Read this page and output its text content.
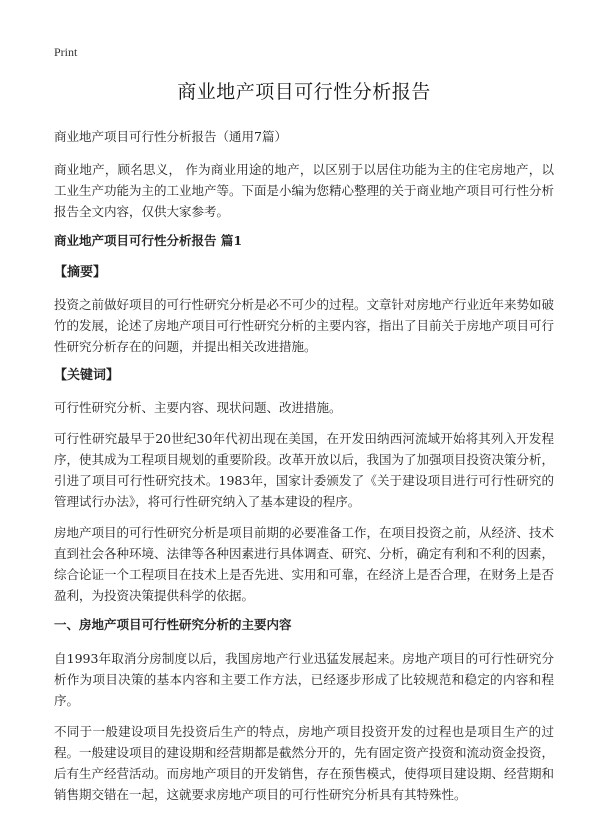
Print
商业地产项目可行性分析报告

商业地产项目可行性分析报告（通用7篇）

商业地产，顾名思义， 作为商业用途的地产，以区别于以居住功能为主的住宅房地产，以工业生产功能为主的工业地产等。下面是小编为您精心整理的关于商业地产项目可行性分析报告全文内容，仅供大家参考。

商业地产项目可行性分析报告 篇1
【摘要】

投资之前做好项目的可行性研究分析是必不可少的过程。文章针对房地产行业近年来势如破竹的发展，论述了房地产项目可行性研究分析的主要内容，指出了目前关于房地产项目可行性研究分析存在的问题，并提出相关改进措施。

【关键词】

可行性研究分析、主要内容、现状问题、改进措施。

可行性研究最早于20世纪30年代初出现在美国，在开发田纳西河流域开始将其列入开发程序，使其成为工程项目规划的重要阶段。改革开放以后，我国为了加强项目投资决策分析，引进了项目可行性研究技术。1983年，国家计委颁发了《关于建设项目进行可行性研究的管理试行办法》，将可行性研究纳入了基本建设的程序。

房地产项目的可行性研究分析是项目前期的必要准备工作，在项目投资之前，从经济、技术直到社会各种环境、法律等各种因素进行具体调查、研究、分析，确定有利和不利的因素，综合论证一个工程项目在技术上是否先进、实用和可靠，在经济上是否合理，在财务上是否盈利，为投资决策提供科学的依据。

一、房地产项目可行性研究分析的主要内容

自1993年取消分房制度以后，我国房地产行业迅猛发展起来。房地产项目的可行性研究分析作为项目决策的基本内容和主要工作方法，已经逐步形成了比较规范和稳定的内容和程序。

不同于一般建设项目先投资后生产的特点，房地产项目投资开发的过程也是项目生产的过程。一般建设项目的建设期和经营期都是截然分开的，先有固定资产投资和流动资金投资，后有生产经营活动。而房地产项目的开发销售，存在预售模式，使得项目建设期、经营期和销售期交错在一起，这就要求房地产项目的可行性研究分析具有其特殊性。
